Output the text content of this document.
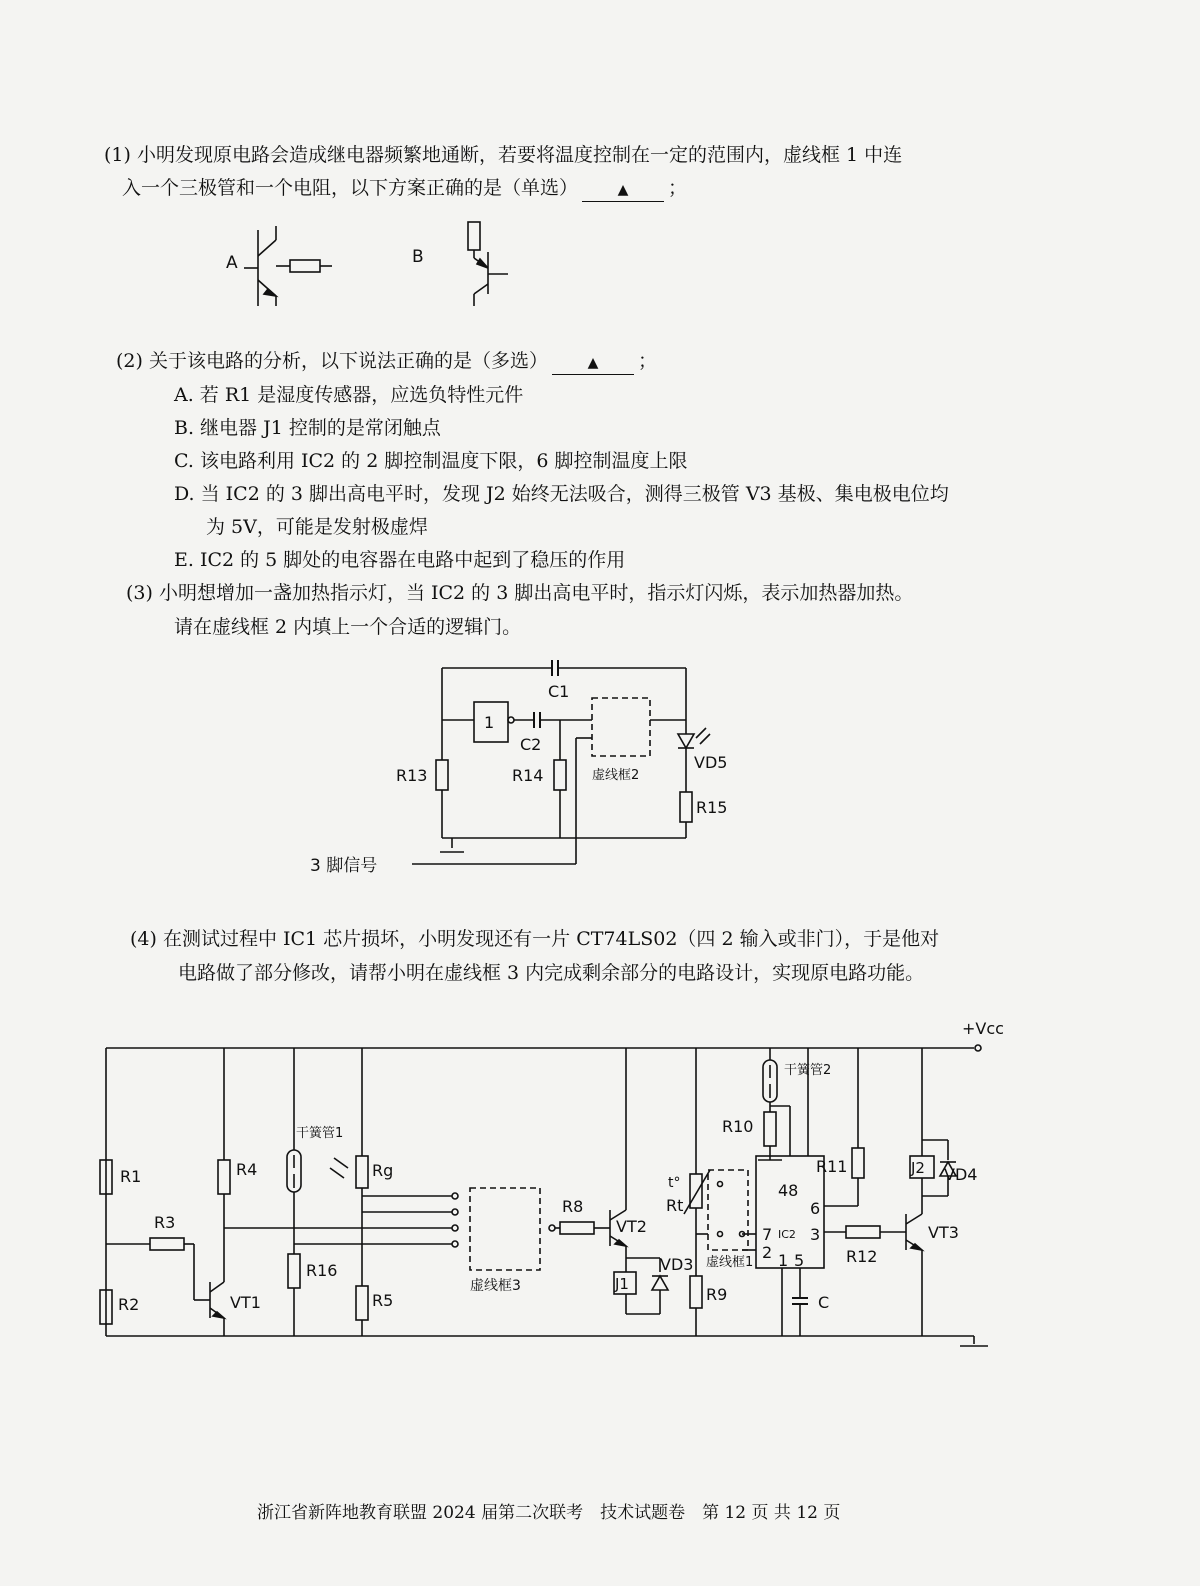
(1) 小明发现原电路会造成继电器频繁地通断，若要将温度控制在一定的范围内，虚线框 1 中连
入一个三极管和一个电阻，以下方案正确的是（单选）	▲ ；
(2) 关于该电路的分析，以下说法正确的是（多选）	▲ ；
A. 若 R1 是湿度传感器，应选负特性元件
B. 继电器 J1 控制的是常闭触点
C. 该电路利用 IC2 的 2 脚控制温度下限，6 脚控制温度上限
D. 当 IC2 的 3 脚出高电平时，发现 J2 始终无法吸合，测得三极管 V3 基极、集电极电位均
为 5V，可能是发射极虚焊
E. IC2 的 5 脚处的电容器在电路中起到了稳压的作用
(3) 小明想增加一盏加热指示灯，当 IC2 的 3 脚出高电平时，指示灯闪烁，表示加热器加热。
请在虚线框 2 内填上一个合适的逻辑门。
(4) 在测试过程中 IC1 芯片损坏，小明发现还有一片 CT74LS02（四 2 输入或非门），于是他对
电路做了部分修改，请帮小明在虚线框 3 内完成剩余部分的电路设计，实现原电路功能。
浙江省新阵地教育联盟 2024 届第二次联考　技术试题卷　第 12 页 共 12 页
A	B
C1
1
C2
R13	R14	虚线框2
VD5
R15
3 脚信号
+Vcc
R1
R2
R3
VT1
R4
干簧管1
R16
Rg
R5
虚线框3
R8
VT2
J1
VD3
t°
Rt
R9
虚线框1
干簧管2
R10
48
6
7 IC2 3
2 1 5
C
R11
R12
VT3
J2 VD4
